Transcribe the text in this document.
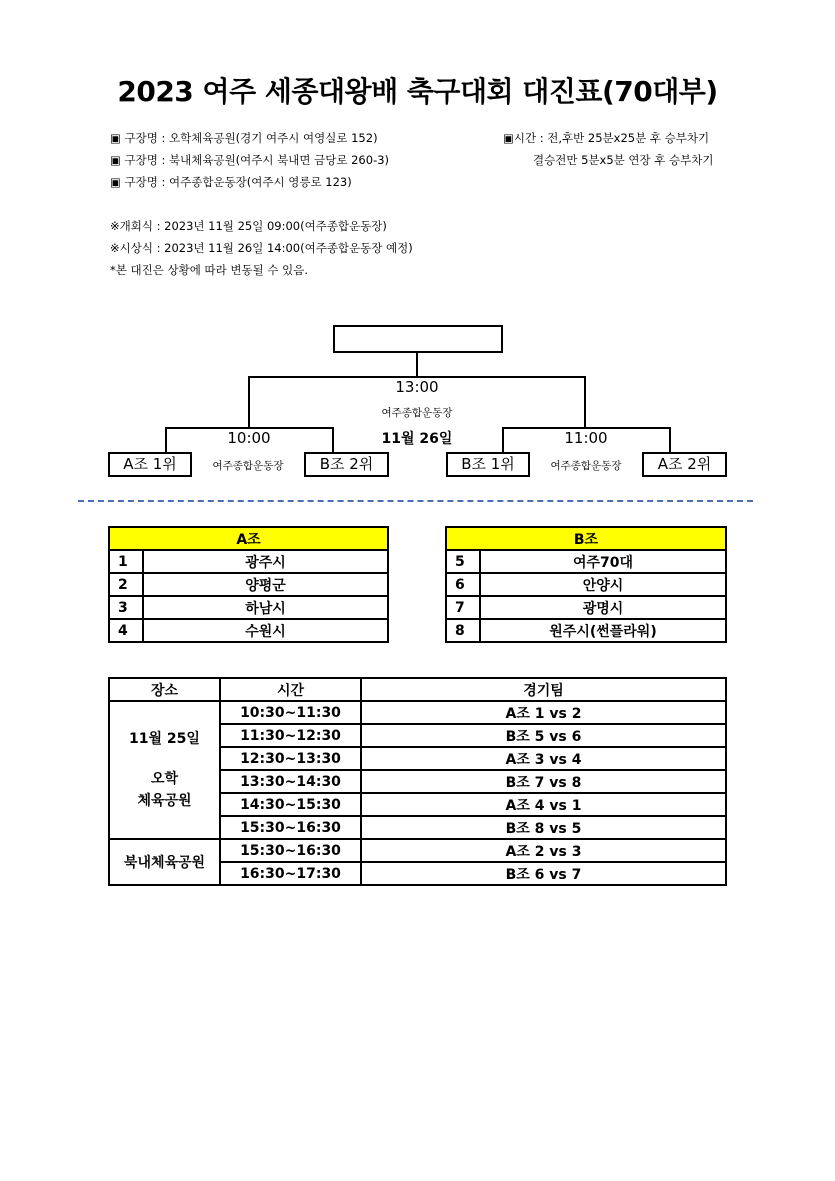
2023 여주 세종대왕배 축구대회 대진표(70대부)
▣ 구장명 : 오학체육공원(경기 여주시 여영실로 152)
▣ 구장명 : 북내체육공원(여주시 북내면 금당로 260-3)
▣ 구장명 : 여주종합운동장(여주시 영릉로 123)
▣시간 : 전,후반 25분x25분 후 승부차기
결승전만 5분x5분 연장 후 승부차기
※개회식 : 2023년 11월 25일 09:00(여주종합운동장)
※시상식 : 2023년 11월 26일 14:00(여주종합운동장 예정)
*본 대진은 상황에 따라 변동될 수 있음.
13:00
여주종합운동장
11월 26일
10:00
A조 1위	여주종합운동장	B조 2위
11:00
B조 1위	여주종합운동장	A조 2위
A조	
1	광주시
2	양평군
3	하남시
4	수원시
B조	
5	여주70대
6	안양시
7	광명시
8	원주시(썬플라워)
장소	시간	경기팀

11월 25일
오학
체육공원	10:30~11:30	A조 1 vs 2
	11:30~12:30	B조 5 vs 6
	12:30~13:30	A조 3 vs 4
	13:30~14:30	B조 7 vs 8
	14:30~15:30	A조 4 vs 1
	15:30~16:30	B조 8 vs 5
북내체육공원	15:30~16:30	A조 2 vs 3
	16:30~17:30	B조 6 vs 7
